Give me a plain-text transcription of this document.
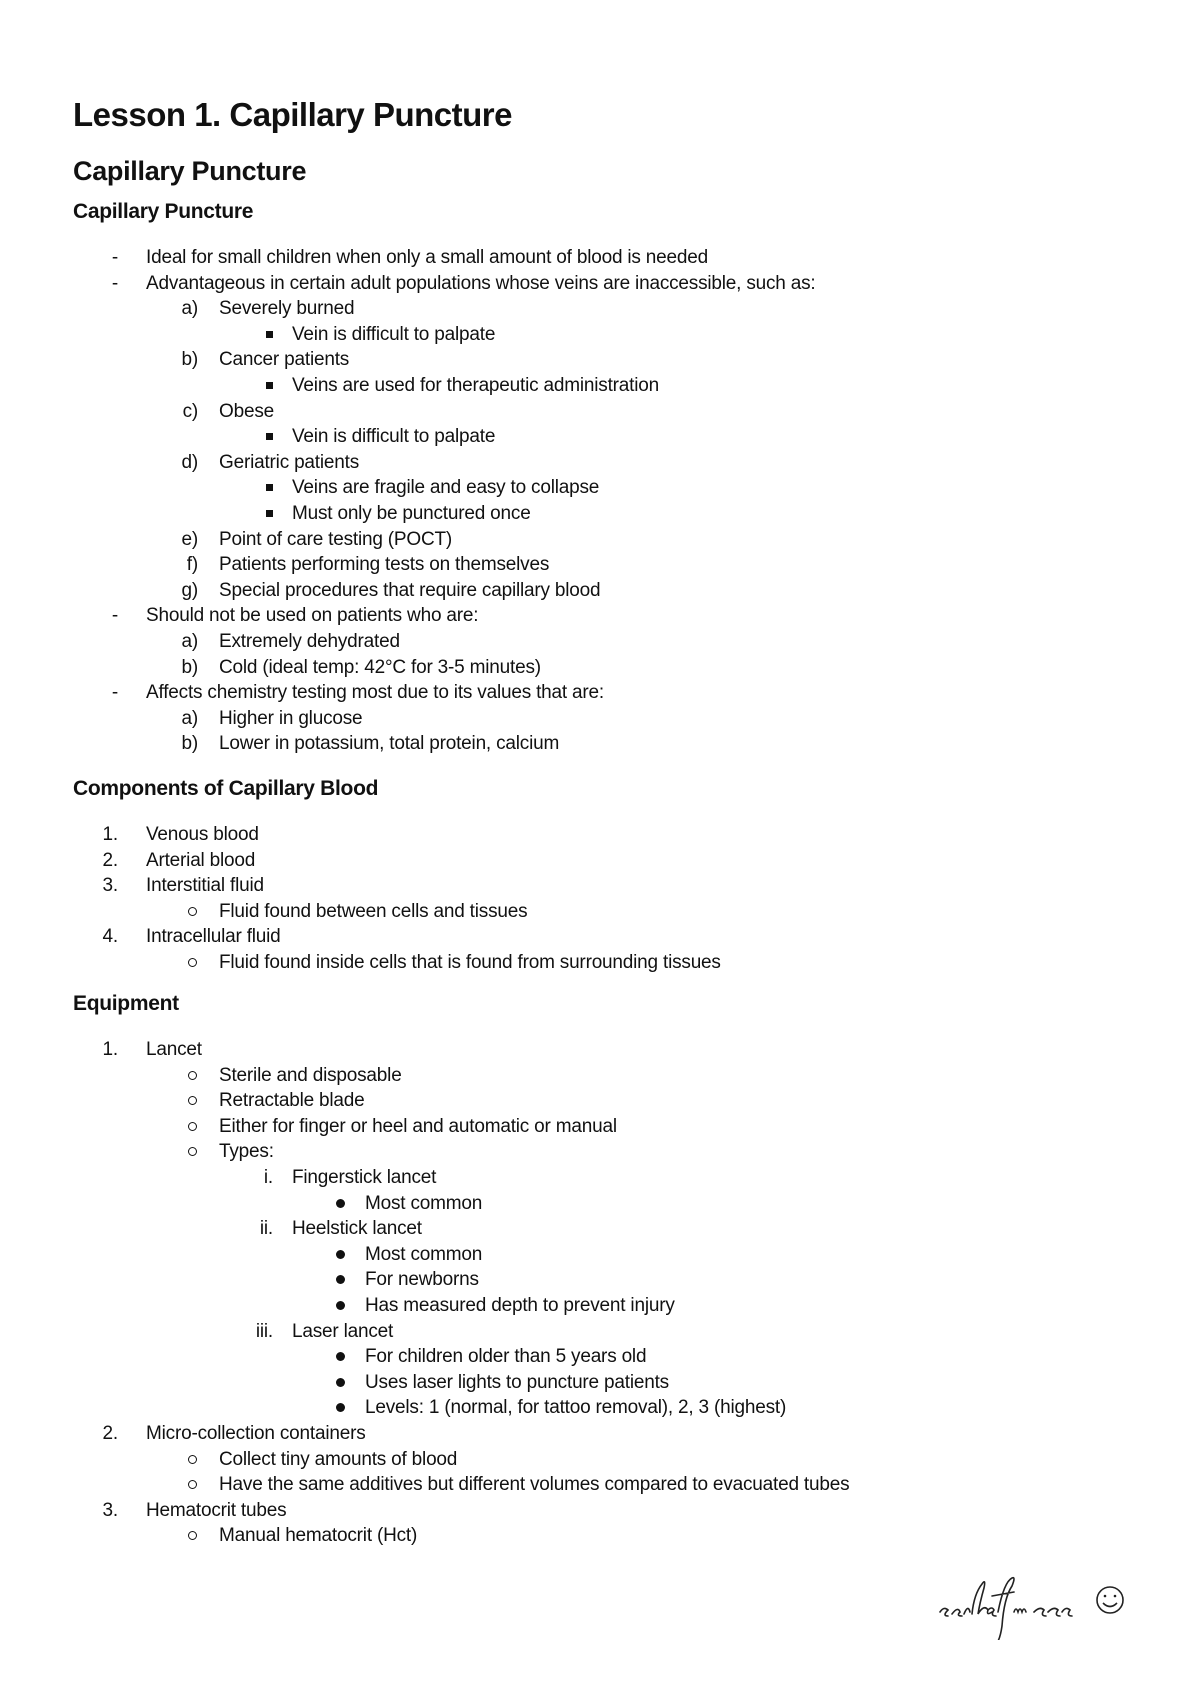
Lesson 1. Capillary Puncture
Capillary Puncture
Capillary Puncture
- Ideal for small children when only a small amount of blood is needed
- Advantageous in certain adult populations whose veins are inaccessible, such as:
a) Severely burned
Vein is difficult to palpate
b) Cancer patients
Veins are used for therapeutic administration
c) Obese
Vein is difficult to palpate
d) Geriatric patients
Veins are fragile and easy to collapse
Must only be punctured once
e) Point of care testing (POCT)
f) Patients performing tests on themselves
g) Special procedures that require capillary blood
- Should not be used on patients who are:
a) Extremely dehydrated
b) Cold (ideal temp: 42°C for 3-5 minutes)
- Affects chemistry testing most due to its values that are:
a) Higher in glucose
b) Lower in potassium, total protein, calcium
Components of Capillary Blood
1. Venous blood
2. Arterial blood
3. Interstitial fluid
Fluid found between cells and tissues
4. Intracellular fluid
Fluid found inside cells that is found from surrounding tissues
Equipment
1. Lancet
Sterile and disposable
Retractable blade
Either for finger or heel and automatic or manual
Types:
i. Fingerstick lancet
Most common
ii. Heelstick lancet
Most common
For newborns
Has measured depth to prevent injury
iii. Laser lancet
For children older than 5 years old
Uses laser lights to puncture patients
Levels: 1 (normal, for tattoo removal), 2, 3 (highest)
2. Micro-collection containers
Collect tiny amounts of blood
Have the same additives but different volumes compared to evacuated tubes
3. Hematocrit tubes
Manual hematocrit (Hct)
